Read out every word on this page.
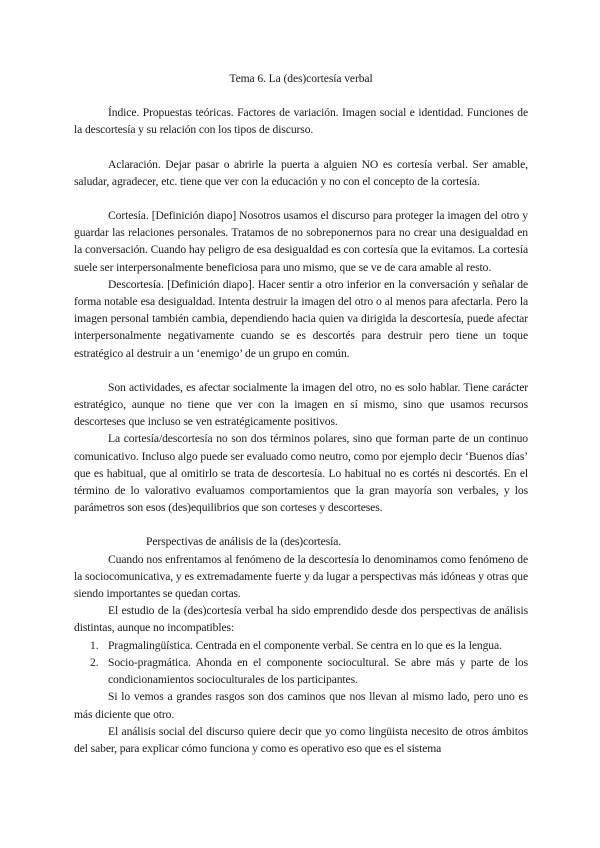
Tema 6. La (des)cortesía verbal

Índice. Propuestas teóricas. Factores de variación. Imagen social e identidad. Funciones de la descortesía y su relación con los tipos de discurso.

Aclaración. Dejar pasar o abrirle la puerta a alguien NO es cortesía verbal. Ser amable, saludar, agradecer, etc. tiene que ver con la educación y no con el concepto de la cortesía.

Cortesía. [Definición diapo] Nosotros usamos el discurso para proteger la imagen del otro y guardar las relaciones personales. Tratamos de no sobreponernos para no crear una desigualdad en la conversación. Cuando hay peligro de esa desigualdad es con cortesía que la evitamos. La cortesía suele ser interpersonalmente beneficiosa para uno mismo, que se ve de cara amable al resto.

Descortesía. [Definición diapo]. Hacer sentir a otro inferior en la conversación y señalar de forma notable esa desigualdad. Intenta destruir la imagen del otro o al menos para afectarla. Pero la imagen personal también cambia, dependiendo hacia quien va dirigida la descortesía, puede afectar interpersonalmente negativamente cuando se es descortés para destruir pero tiene un toque estratégico al destruir a un ‘enemigo’ de un grupo en común.

Son actividades, es afectar socialmente la imagen del otro, no es solo hablar. Tiene carácter estratégico, aunque no tiene que ver con la imagen en sí mismo, sino que usamos recursos descorteses que incluso se ven estratégicamente positivos.

La cortesía/descortesía no son dos términos polares, sino que forman parte de un continuo comunicativo. Incluso algo puede ser evaluado como neutro, como por ejemplo decir ‘Buenos días’ que es habitual, que al omitirlo se trata de descortesía. Lo habitual no es cortés ni descortés. En el término de lo valorativo evaluamos comportamientos que la gran mayoría son verbales, y los parámetros son esos (des)equilibrios que son corteses y descorteses.

Perspectivas de análisis de la (des)cortesía.

Cuando nos enfrentamos al fenómeno de la descortesía lo denominamos como fenómeno de la sociocomunicativa, y es extremadamente fuerte y da lugar a perspectivas más idóneas y otras que siendo importantes se quedan cortas.

El estudio de la (des)cortesía verbal ha sido emprendido desde dos perspectivas de análisis distintas, aunque no incompatibles:

1. Pragmalingüística. Centrada en el componente verbal. Se centra en lo que es la lengua.
2. Socio-pragmática. Ahonda en el componente sociocultural. Se abre más y parte de los condicionamientos socioculturales de los participantes.

Si lo vemos a grandes rasgos son dos caminos que nos llevan al mismo lado, pero uno es más diciente que otro.

El análisis social del discurso quiere decir que yo como lingüista necesito de otros ámbitos del saber, para explicar cómo funciona y como es operativo eso que es el sistema
